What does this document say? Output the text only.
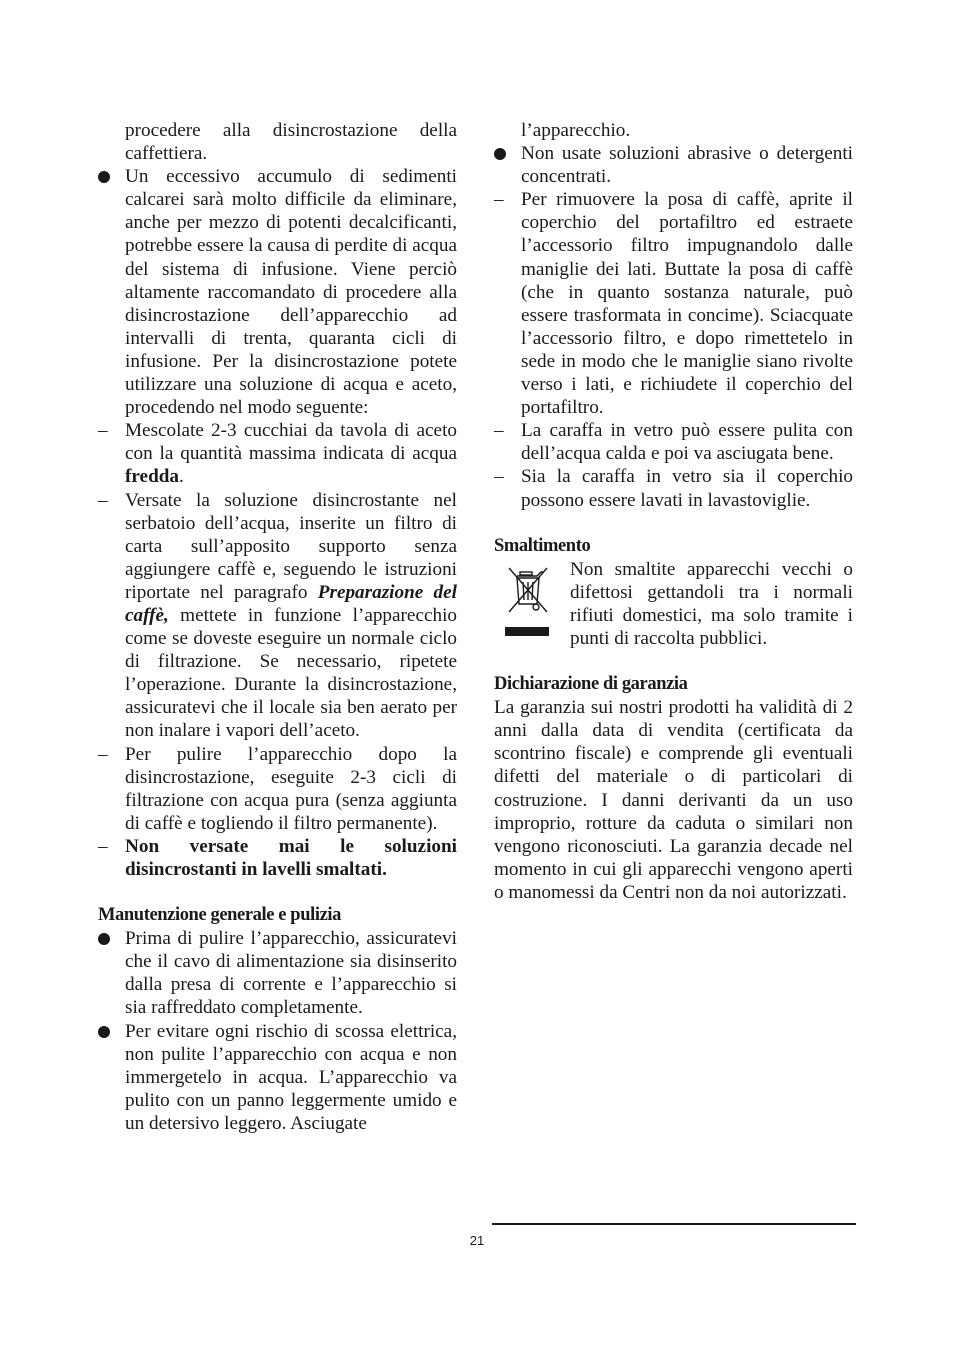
procedere alla disincrostazione della caffettiera.

Un eccessivo accumulo di sedimenti calcarei sarà molto difficile da eliminare, anche per mezzo di potenti decalcificanti, potrebbe essere la causa di perdite di acqua del sistema di infusione. Viene perciò altamente raccomandato di procedere alla disincrostazione dell’apparecchio ad intervalli di trenta, quaranta cicli di infusione. Per la disincrostazione potete utilizzare una soluzione di acqua e aceto, procedendo nel modo seguente:
– Mescolate 2-3 cucchiai da tavola di aceto con la quantità massima indicata di acqua fredda.
– Versate la soluzione disincrostante nel serbatoio dell’acqua, inserite un filtro di carta sull’apposito supporto senza aggiungere caffè e, seguendo le istruzioni riportate nel paragrafo Preparazione del caffè, mettete in funzione l’apparecchio come se doveste eseguire un normale ciclo di filtrazione. Se necessario, ripetete l’operazione. Durante la disincrostazione, assicuratevi che il locale sia ben aerato per non inalare i vapori dell’aceto.
– Per pulire l’apparecchio dopo la disincrostazione, eseguite 2-3 cicli di filtrazione con acqua pura (senza aggiunta di caffè e togliendo il filtro permanente).
– Non versate mai le soluzioni disincrostanti in lavelli smaltati.

Manutenzione generale e pulizia

Prima di pulire l’apparecchio, assicuratevi che il cavo di alimentazione sia disinserito dalla presa di corrente e l’apparecchio si sia raffreddato completamente.
Per evitare ogni rischio di scossa elettrica, non pulite l’apparecchio con acqua e non immergetelo in acqua. L’apparecchio va pulito con un panno leggermente umido e un detersivo leggero. Asciugate

l’apparecchio.

Non usate soluzioni abrasive o detergenti concentrati.
– Per rimuovere la posa di caffè, aprite il coperchio del portafiltro ed estraete l’accessorio filtro impugnandolo dalle maniglie dei lati. Buttate la posa di caffè (che in quanto sostanza naturale, può essere trasformata in concime). Sciacquate l’accessorio filtro, e dopo rimettetelo in sede in modo che le maniglie siano rivolte verso i lati, e richiudete il coperchio del portafiltro.
– La caraffa in vetro può essere pulita con dell’acqua calda e poi va asciugata bene.
– Sia la caraffa in vetro sia il coperchio possono essere lavati in lavastoviglie.

Smaltimento

Non smaltite apparecchi vecchi o difettosi gettandoli tra i normali rifiuti domestici, ma solo tramite i punti di raccolta pubblici.

Dichiarazione di garanzia

La garanzia sui nostri prodotti ha validità di 2 anni dalla data di vendita (certificata da scontrino fiscale) e comprende gli eventuali difetti del materiale o di particolari di costruzione. I danni derivanti da un uso improprio, rotture da caduta o similari non vengono riconosciuti. La garanzia decade nel momento in cui gli apparecchi vengono aperti o manomessi da Centri non da noi autorizzati.

21
